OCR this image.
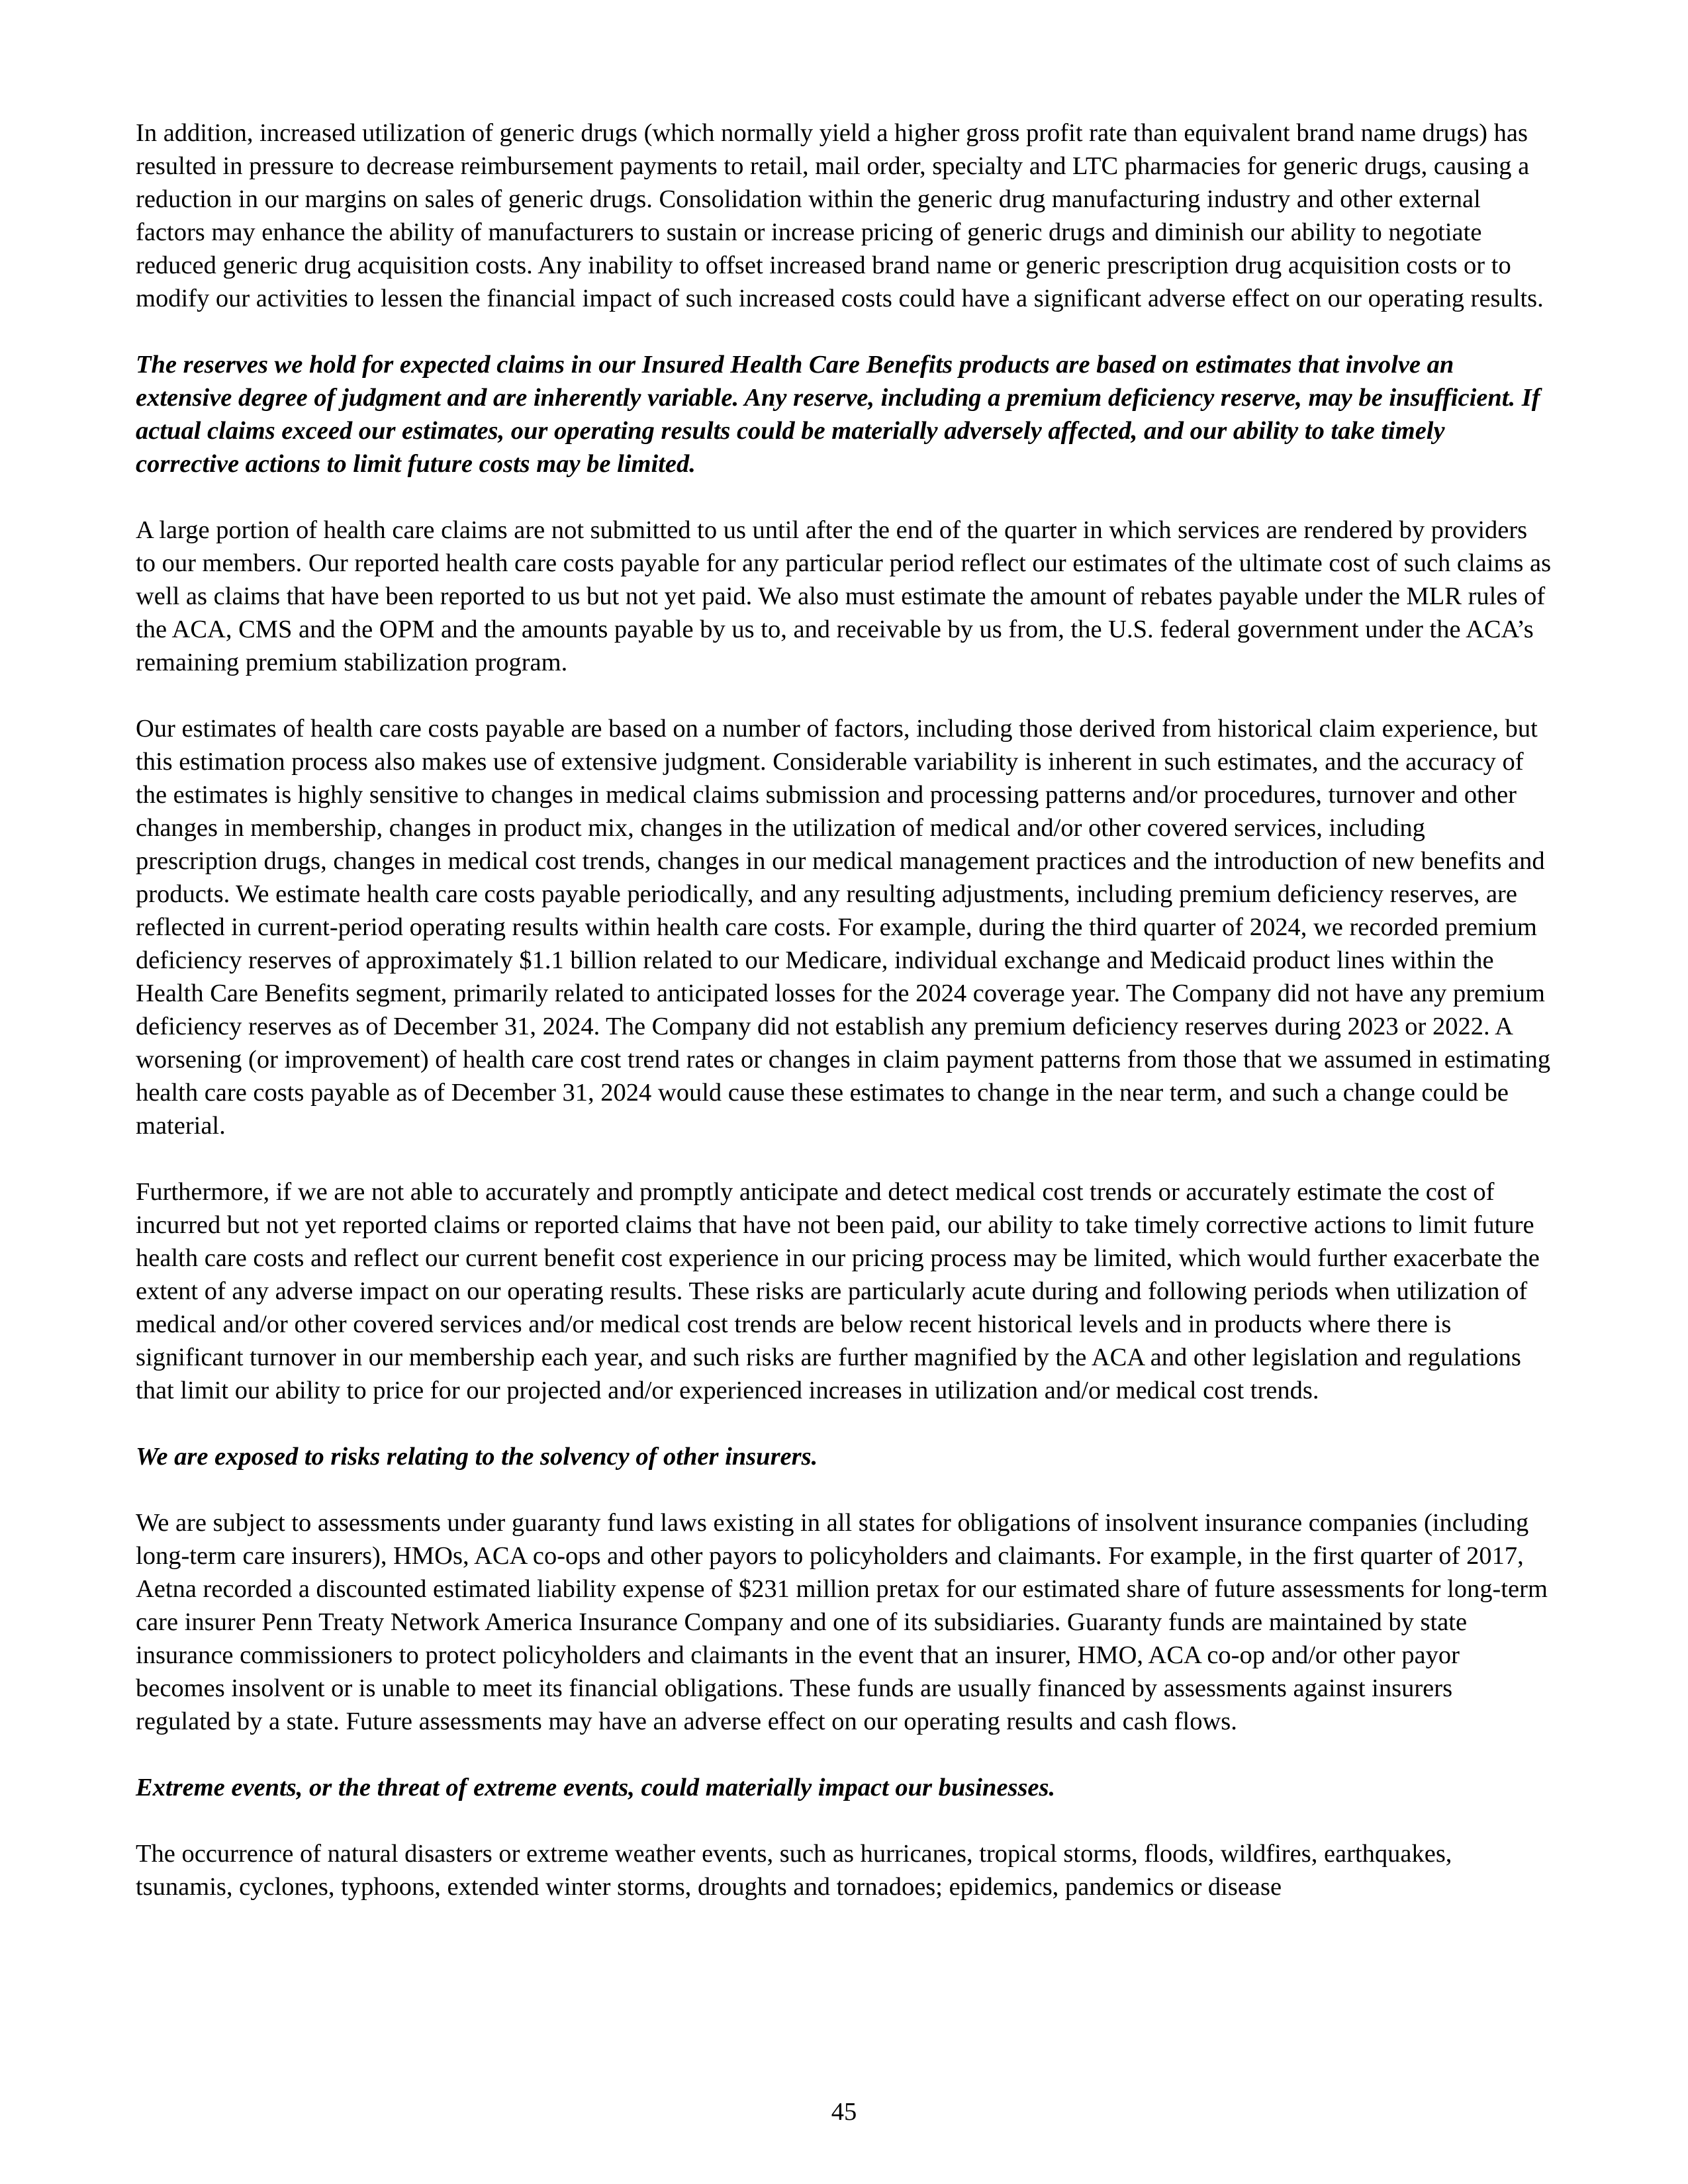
In addition, increased utilization of generic drugs (which normally yield a higher gross profit rate than equivalent brand name drugs) has resulted in pressure to decrease reimbursement payments to retail, mail order, specialty and LTC pharmacies for generic drugs, causing a reduction in our margins on sales of generic drugs. Consolidation within the generic drug manufacturing industry and other external factors may enhance the ability of manufacturers to sustain or increase pricing of generic drugs and diminish our ability to negotiate reduced generic drug acquisition costs. Any inability to offset increased brand name or generic prescription drug acquisition costs or to modify our activities to lessen the financial impact of such increased costs could have a significant adverse effect on our operating results.

The reserves we hold for expected claims in our Insured Health Care Benefits products are based on estimates that involve an extensive degree of judgment and are inherently variable. Any reserve, including a premium deficiency reserve, may be insufficient. If actual claims exceed our estimates, our operating results could be materially adversely affected, and our ability to take timely corrective actions to limit future costs may be limited.

A large portion of health care claims are not submitted to us until after the end of the quarter in which services are rendered by providers to our members. Our reported health care costs payable for any particular period reflect our estimates of the ultimate cost of such claims as well as claims that have been reported to us but not yet paid. We also must estimate the amount of rebates payable under the MLR rules of the ACA, CMS and the OPM and the amounts payable by us to, and receivable by us from, the U.S. federal government under the ACA’s remaining premium stabilization program.

Our estimates of health care costs payable are based on a number of factors, including those derived from historical claim experience, but this estimation process also makes use of extensive judgment. Considerable variability is inherent in such estimates, and the accuracy of the estimates is highly sensitive to changes in medical claims submission and processing patterns and/or procedures, turnover and other changes in membership, changes in product mix, changes in the utilization of medical and/or other covered services, including prescription drugs, changes in medical cost trends, changes in our medical management practices and the introduction of new benefits and products. We estimate health care costs payable periodically, and any resulting adjustments, including premium deficiency reserves, are reflected in current-period operating results within health care costs. For example, during the third quarter of 2024, we recorded premium deficiency reserves of approximately $1.1 billion related to our Medicare, individual exchange and Medicaid product lines within the Health Care Benefits segment, primarily related to anticipated losses for the 2024 coverage year. The Company did not have any premium deficiency reserves as of December 31, 2024. The Company did not establish any premium deficiency reserves during 2023 or 2022. A worsening (or improvement) of health care cost trend rates or changes in claim payment patterns from those that we assumed in estimating health care costs payable as of December 31, 2024 would cause these estimates to change in the near term, and such a change could be material.

Furthermore, if we are not able to accurately and promptly anticipate and detect medical cost trends or accurately estimate the cost of incurred but not yet reported claims or reported claims that have not been paid, our ability to take timely corrective actions to limit future health care costs and reflect our current benefit cost experience in our pricing process may be limited, which would further exacerbate the extent of any adverse impact on our operating results. These risks are particularly acute during and following periods when utilization of medical and/or other covered services and/or medical cost trends are below recent historical levels and in products where there is significant turnover in our membership each year, and such risks are further magnified by the ACA and other legislation and regulations that limit our ability to price for our projected and/or experienced increases in utilization and/or medical cost trends.

We are exposed to risks relating to the solvency of other insurers.

We are subject to assessments under guaranty fund laws existing in all states for obligations of insolvent insurance companies (including long-term care insurers), HMOs, ACA co-ops and other payors to policyholders and claimants. For example, in the first quarter of 2017, Aetna recorded a discounted estimated liability expense of $231 million pretax for our estimated share of future assessments for long-term care insurer Penn Treaty Network America Insurance Company and one of its subsidiaries. Guaranty funds are maintained by state insurance commissioners to protect policyholders and claimants in the event that an insurer, HMO, ACA co-op and/or other payor becomes insolvent or is unable to meet its financial obligations. These funds are usually financed by assessments against insurers regulated by a state. Future assessments may have an adverse effect on our operating results and cash flows.

Extreme events, or the threat of extreme events, could materially impact our businesses.

The occurrence of natural disasters or extreme weather events, such as hurricanes, tropical storms, floods, wildfires, earthquakes, tsunamis, cyclones, typhoons, extended winter storms, droughts and tornadoes; epidemics, pandemics or disease

45
